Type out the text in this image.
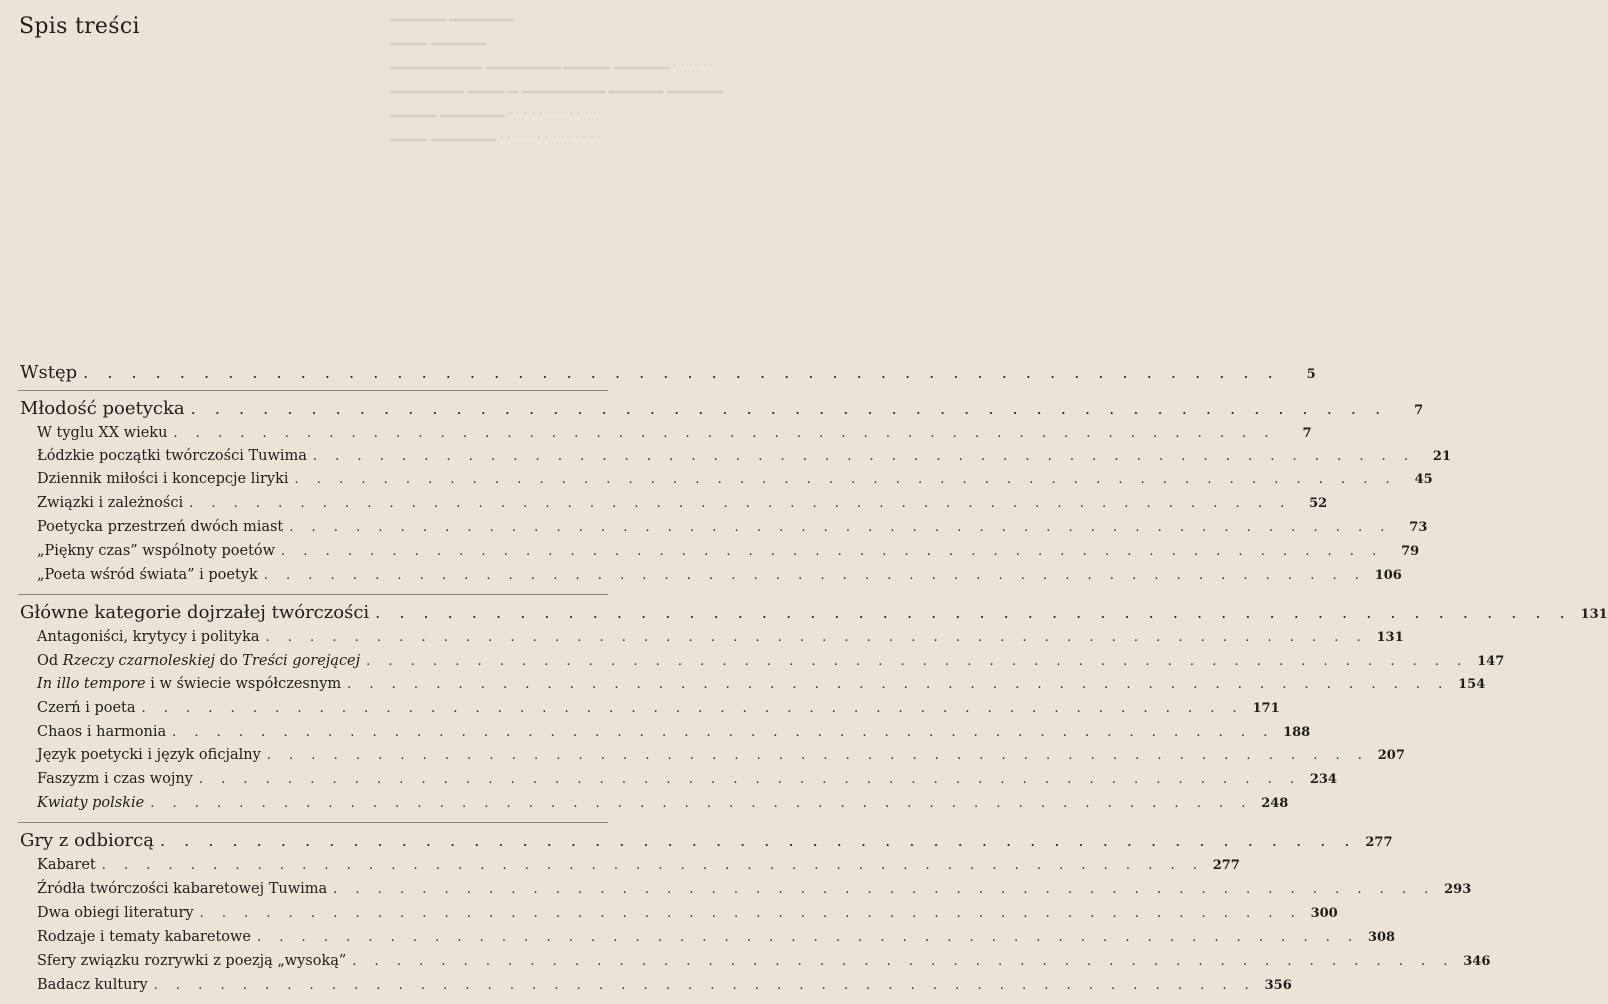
▁▁▁▁▁▁ ▁▁▁▁▁▁▁
▁▁▁▁ ▁▁▁▁▁▁
▁▁▁▁▁▁▁▁▁▁ ▁▁▁▁▁▁▁▁ ▁▁▁▁▁ ▁▁▁▁▁▁ . . . . .
▁▁▁▁▁▁▁▁ ▁▁▁▁ ▁ ▁▁▁▁▁▁▁▁▁ ▁▁▁▁▁▁ ▁▁▁▁▁▁
▁▁▁▁▁ ▁▁▁▁▁▁▁ . . . . . . . . . . . .
▁▁▁▁ ▁▁▁▁▁▁▁ . . . . . . . . . . . . .
Spis treści
Wstęp . . .	5
Młodość poetycka . . .	7
W tyglu XX wieku . . .	7
Łódzkie początki twórczości Tuwima . . .	21
Dziennik miłości i koncepcje liryki . . .	45
Związki i zależności . . .	52
Poetycka przestrzeń dwóch miast . . .	73
„Piękny czas” wspólnoty poetów . . .	79
„Poeta wśród świata” i poetyk . . .	106
Główne kategorie dojrzałej twórczości . . .	131
Antagoniści, krytycy i polityka . . .	131
Od Rzeczy czarnoleskiej do Treści gorejącej . . .	147
In illo tempore i w świecie współczesnym . . .	154
Czerń i poeta . . .	171
Chaos i harmonia . . .	188
Język poetycki i język oficjalny . . .	207
Faszyzm i czas wojny . . .	234
Kwiaty polskie . . .	248
Gry z odbiorcą . . .	277
Kabaret . . .	277
Źródła twórczości kabaretowej Tuwima . . .	293
Dwa obiegi literatury . . .	300
Rodzaje i tematy kabaretowe . . .	308
Sfery związku rozrywki z poezją „wysoką” . . .	346
Badacz kultury . . .	356
